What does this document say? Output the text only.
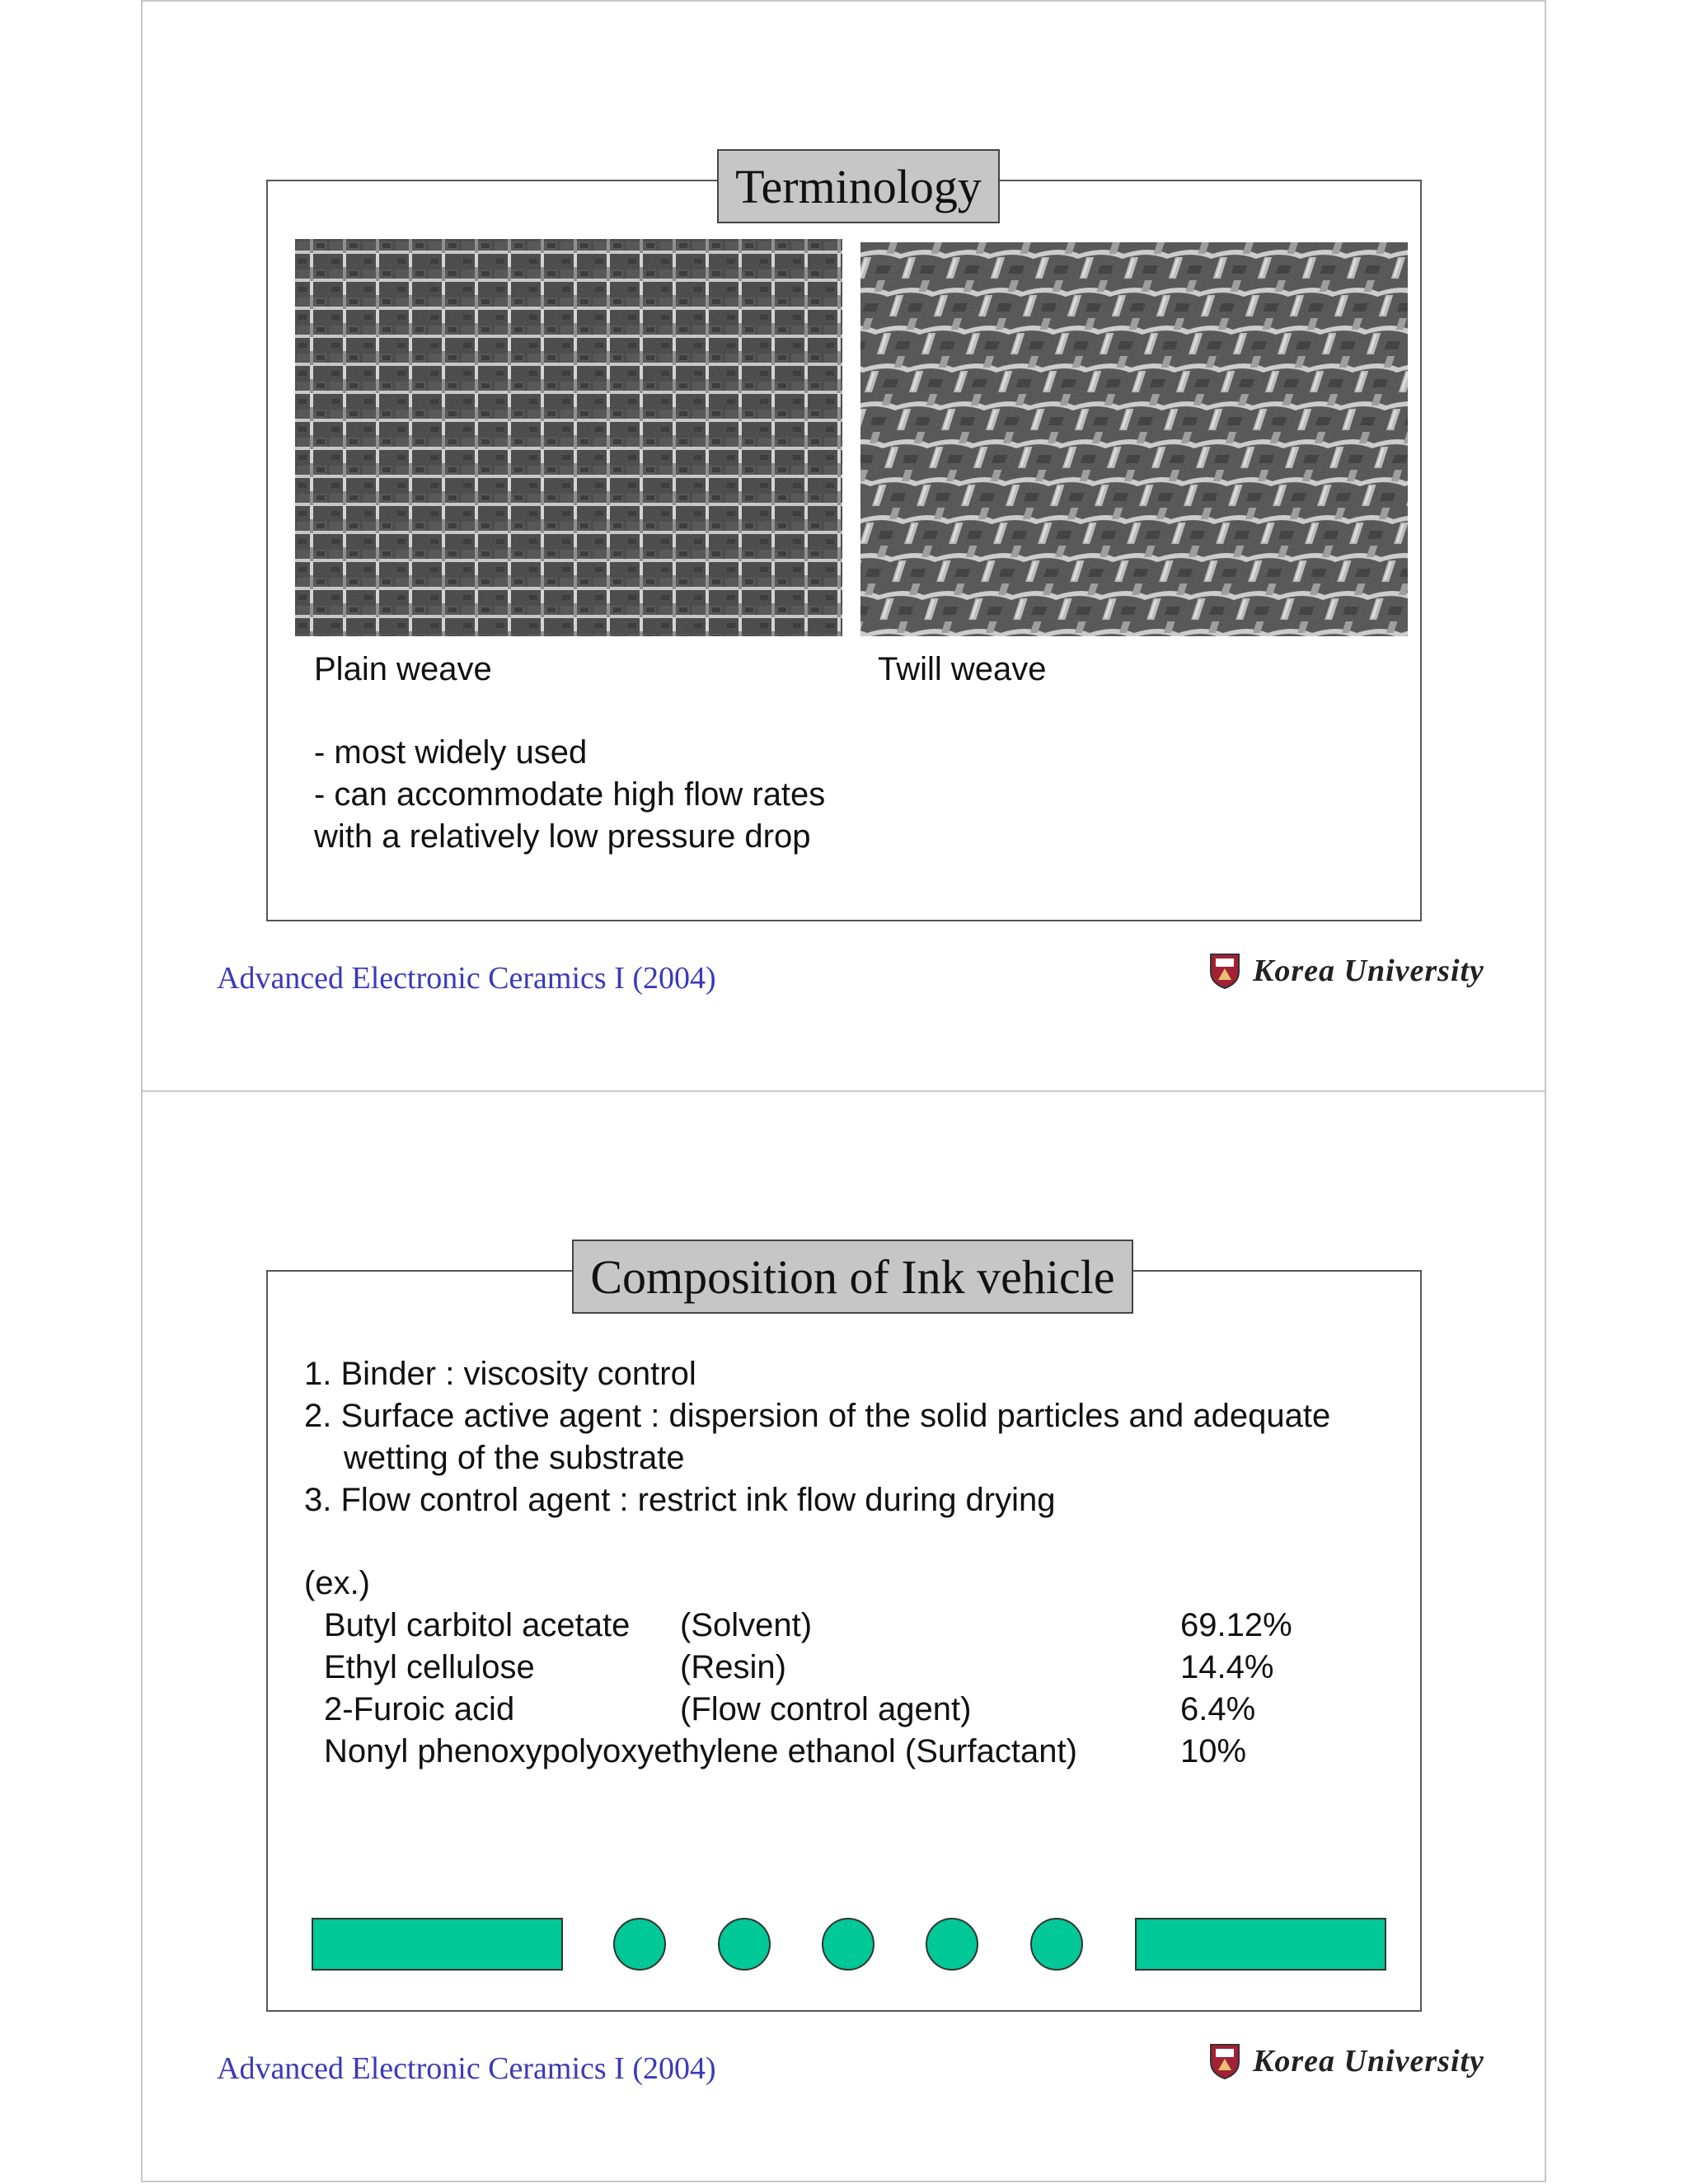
Terminology
Plain weave	Twill weave
- most widely used
- can accommodate high flow rates
with a relatively low pressure drop
Advanced Electronic Ceramics I (2004)	Korea University
Composition of Ink vehicle
1. Binder : viscosity control
2. Surface active agent : dispersion of the solid particles and adequate
wetting of the substrate
3. Flow control agent : restrict ink flow during drying
(ex.)
Butyl carbitol acetate (Solvent)	69.12%
Ethyl cellulose	(Resin)	14.4%
2-Furoic acid	(Flow control agent)	6.4%
Nonyl phenoxypolyoxyethylene ethanol (Surfactant)	10%
Advanced Electronic Ceramics I (2004)	Korea University
